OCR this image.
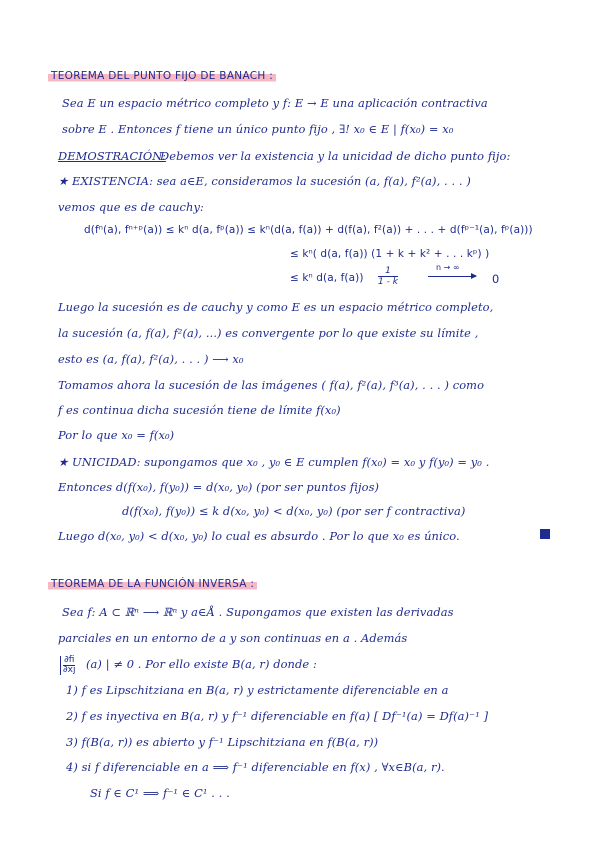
TEOREMA DEL PUNTO FIJO DE BANACH :
Sea E un espacio métrico completo y f: E → E una aplicación contractiva
sobre E . Entonces f tiene un único punto fijo , ∃! x₀ ∈ E | f(x₀) = x₀
DEMOSTRACIÓN:
Debemos ver la existencia y la unicidad de dicho punto fijo:
★ EXISTENCIA: sea a∈E, consideramos la sucesión (a, f(a), f²(a), . . . )
vemos que es de cauchy:
d(fⁿ(a), fⁿ⁺ᵖ(a)) ≤ kⁿ d(a, fᵖ(a)) ≤ kⁿ(d(a, f(a)) + d(f(a), f²(a)) + . . . + d(fᵖ⁻¹(a), fᵖ(a)))
≤ kⁿ( d(a, f(a)) (1 + k + k² + . . . kᵖ) )
≤ kⁿ d(a, $f(a)) \frac{1}{1 - k}$	n → ∞
0
Luego la sucesión es de cauchy y como E es un espacio métrico completo,
la sucesión (a, f(a), f²(a), ...) es convergente por lo que existe su límite ,
esto es (a, f(a), f²(a), . . . ) ⟶ x₀
Tomamos ahora la sucesión de las imágenes ( f(a), f²(a), f³(a), . . . ) como
f es continua dicha sucesión tiene de límite f(x₀)
Por lo que x₀ = f(x₀)
★ UNICIDAD: supongamos que x₀ , y₀ ∈ E cumplen f(x₀) = x₀ y f(y₀) = y₀ .
Entonces d(f(x₀), f(y₀)) = d(x₀, y₀) (por ser puntos fijos)
d(f(x₀), f(y₀)) ≤ k d(x₀, y₀) < d(x₀, y₀) (por ser f contractiva)
Luego d(x₀, y₀) < d(x₀, y₀) lo cual es absurdo . Por lo que x₀ es único.
TEOREMA DE LA FUNCIÓN INVERSA :
Sea f: A ⊂ ℝⁿ ⟶ ℝⁿ y a∈Å . Supongamos que existen las derivadas
parciales en un entorno de a y son continuas en a . Además
$\frac{\partial fi}{\partial xj} (a)$ | ≠ 0 . Por ello existe B(a, r) donde :
1) f es Lipschitziana en B(a, r) y estrictamente diferenciable en a
2) f es inyectiva en B(a, r) y f⁻¹ diferenciable en f(a) [ Df⁻¹(a) = Df(a)⁻¹ ]
3) f(B(a, r)) es abierto y f⁻¹ Lipschitziana en f(B(a, r))
4) si f diferenciable en a ⟹ f⁻¹ diferenciable en f(x) , ∀x∈B(a, r).
Si f ∈ C¹ ⟹ f⁻¹ ∈ C¹ . . .
